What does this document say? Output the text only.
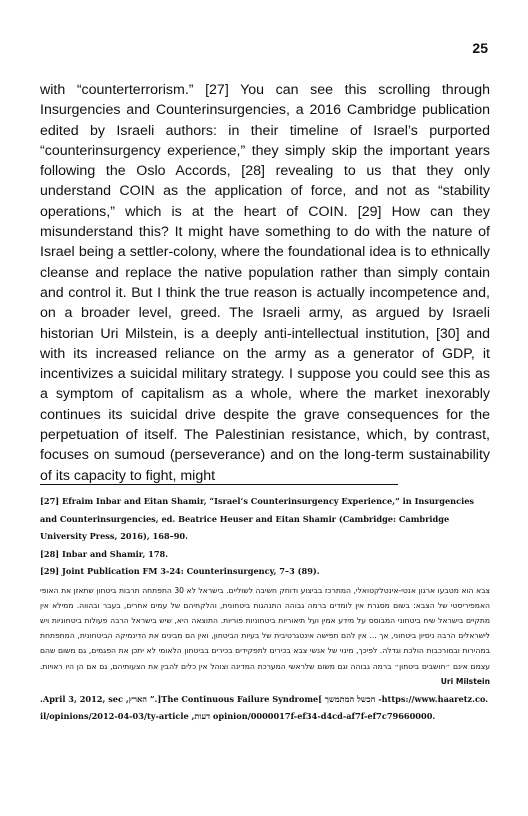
25

with “counterterrorism.” [27] You can see this scrolling through Insurgencies and Counterinsurgencies, a 2016 Cambridge publication edited by Israeli authors: in their timeline of Israel’s purported “counterinsurgency experience,” they simply skip the important years following the Oslo Accords, [28] revealing to us that they only understand COIN as the application of force, and not as “stability operations,” which is at the heart of COIN. [29] How can they misunderstand this? It might have something to do with the nature of Israel being a settler-colony, where the foundational idea is to ethnically cleanse and replace the native population rather than simply contain and control it. But I think the true reason is actually incompetence and, on a broader level, greed. The Israeli army, as argued by Israeli historian Uri Milstein, is a deeply anti-intellectual institution, [30] and with its increased reliance on the army as a generator of GDP, it incentivizes a suicidal military strategy. I suppose you could see this as a symptom of capitalism as a whole, where the market inexorably continues its suicidal drive despite the grave consequences for the perpetuation of itself. The Palestinian resistance, which, by contrast, focuses on sumoud (perseverance) and on the long-term sustainability of its capacity to fight, might

[27] Efraim Inbar and Eitan Shamir, “Israel’s Counterinsurgency Experience,” in Insurgencies and Counterinsurgencies, ed. Beatrice Heuser and Eitan Shamir (Cambridge: Cambridge University Press, 2016), 168–90.

[28] Inbar and Shamir, 178.

[29] Joint Publication FM 3-24: Counterinsurgency, 7–3 (89).

צבא הוא מטבעו ארגון אנטי-אינטלקטואלי, המתרכז בביצוע ודוחק חשיבה לשוליים. בישראל לא 30 התפתחה תרבות ביטחון שתאזן את האופי האמפיריסטי של הצבא: בשום מסגרת אין לומדים ברמה גבוהה התנהגות ביטחונית, והלקחיהם של עמים אחרים, בעבר ובהווה. ממילא אין מתקיים בישראל שיח ביטחוני המבוסס על מידע אמין ועל תיאוריות ביטחוניות פוריות. התוצאה היא, שיש בישראל הרבה פעולות ביטחוניות ויש לישראלים הרבה ניסיון ביטחוני, אך ... אין להם תפישה אינטגרטיבית של בעיות הביטחון, ואין הם מבינים את הדינמיקה הביטחונית, המתפתחת במהירות ובמורכבות הולכת וגדלה. לפיכך, מינוי של אנשי צבא בכירים לתפקידים בכירים בביטחון הלאומי לא יתכן את הפגמים, גם משום שהם עצמם אינם ״חושבים ביטחון״ ברמה גבוהה וגם משום שלראשי המערכת המדינה וצוהל אין כלים להבין את הצעותיהם, גם אם הן היו ראויות. Uri Milstein

.April 3, 2012, sec ,הארץ ”.]The Continuous Failure Syndrome[ הכשל המתמשך -https://www.haaretz.co.il/opinions/2012-04-03/ty-article ,דעות opinion/0000017f-ef34-d4cd-af7f-ef7c79660000.
